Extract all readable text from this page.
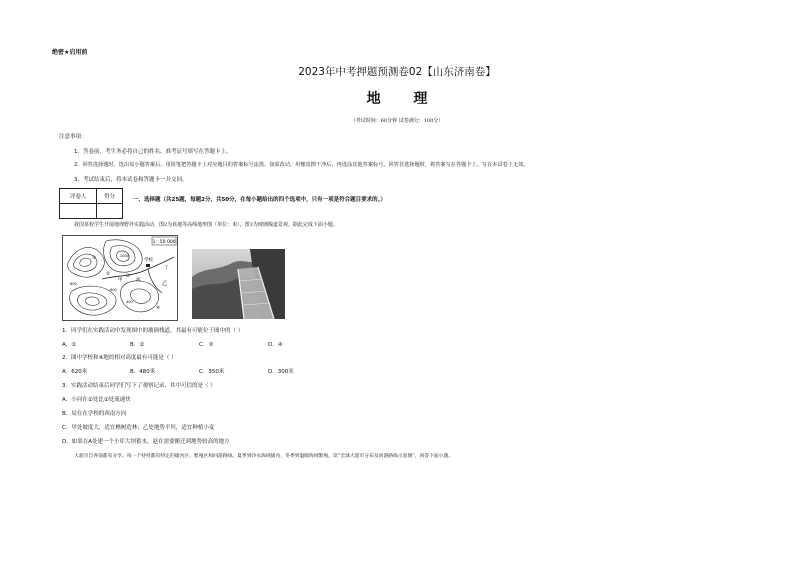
绝密★启用前
2023年中考押题预测卷02【山东济南卷】
地 理
（考试时间：60分钟 试卷满分：100分）
注意事项：
1．答卷前，考生务必将自己的姓名、准考证号填写在答题卡上。
2．回答选择题时，选出每小题答案后，用铅笔把答题卡上对应题目的答案标号涂黑。如需改动，用橡皮擦干净后，再选涂其他答案标号。回答非选择题时，将答案写在答题卡上。写在本试卷上无效。
3．考试结束后，将本试卷和答题卡一并交回。
评卷人	得分
		一、选择题（共25题，每题2分，共50分，在每小题给出的四个选项中，只有一项是符合题目要求的。）
我国某校学生开展地理野外实践活动，图2为该地等高线地形图（单位：米），图3为玻璃栈道景观。据此完成下面小题。
1：50 000
学校
河
乙
甲
丁
①
②
③
④
1000
800
600
400
1．同学们在实践活动中发现图中的玻璃栈道，其最有可能位于图中的（ ）
A．①	B．②	C．③	D．④
2．图中学校和④地的相对高度最有可能是（ ）
A．620米	B．480米	C．350米	D．300米
3．实践活动结束后同学们写下了观察记录，其中可信的是（ ）
A．小河在②处比①处流速快
B．局在在学校的西南方向
C．甲处坡度大，适宜樵树造林；乙处地势平坦，适宜种植小麦
D．如果在A处建一个小库大坝蓄水，赵在需要搬迁到地势较高的地方
大超市自各领都有分享。每一个特样都有特定的储食区、繁殖区和回游路线。夏季到冷水海域捕食，冬季到温暖海域繁殖。读“全球大超市分布及回游路线示意图”，回答下面小题。
